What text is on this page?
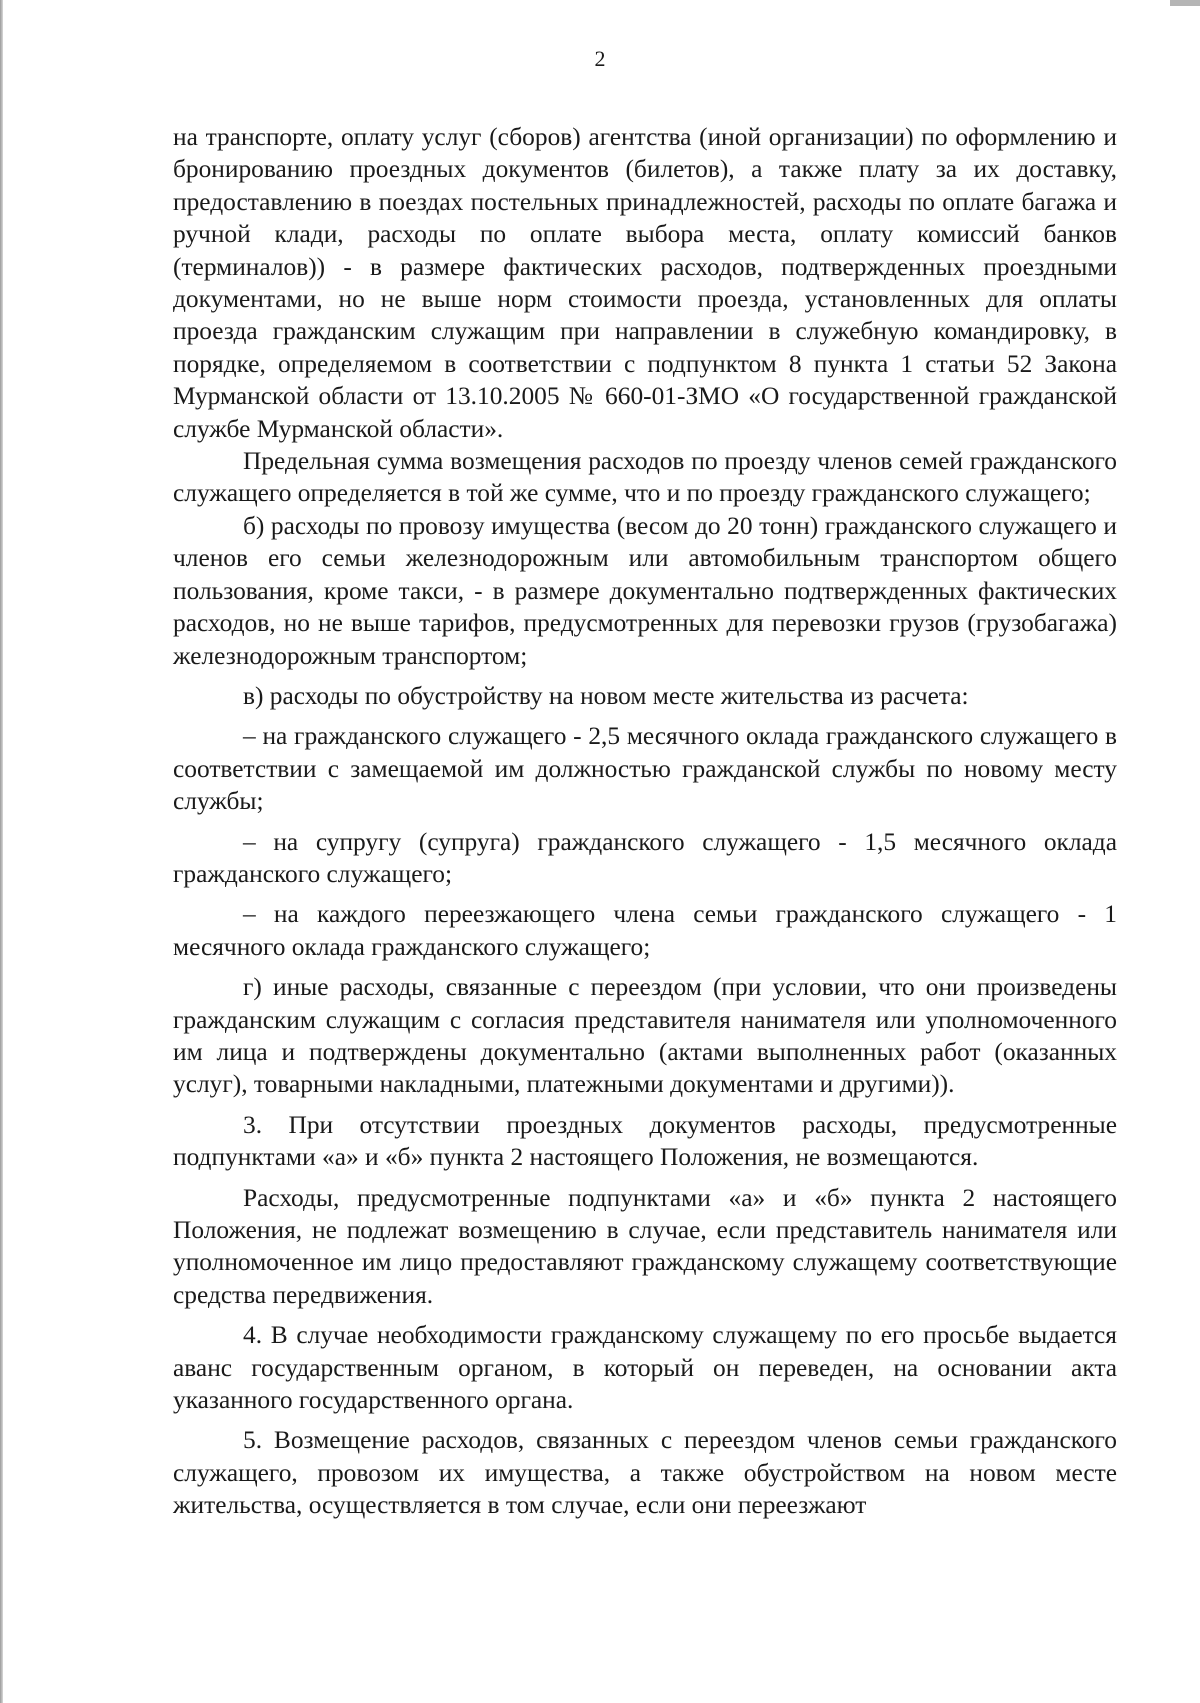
2

на транспорте, оплату услуг (сборов) агентства (иной организации) по оформлению и бронированию проездных документов (билетов), а также плату за их доставку, предоставлению в поездах постельных принадлежностей, расходы по оплате багажа и ручной клади, расходы по оплате выбора места, оплату комиссий банков (терминалов)) - в размере фактических расходов, подтвержденных проездными документами, но не выше норм стоимости проезда, установленных для оплаты проезда гражданским служащим при направлении в служебную командировку, в порядке, определяемом в соответствии с подпунктом 8 пункта 1 статьи 52 Закона Мурманской области от 13.10.2005 № 660-01-ЗМО «О государственной гражданской службе Мурманской области».

Предельная сумма возмещения расходов по проезду членов семей гражданского служащего определяется в той же сумме, что и по проезду гражданского служащего;

б) расходы по провозу имущества (весом до 20 тонн) гражданского служащего и членов его семьи железнодорожным или автомобильным транспортом общего пользования, кроме такси, - в размере документально подтвержденных фактических расходов, но не выше тарифов, предусмотренных для перевозки грузов (грузобагажа) железнодорожным транспортом;

в) расходы по обустройству на новом месте жительства из расчета:

– на гражданского служащего - 2,5 месячного оклада гражданского служащего в соответствии с замещаемой им должностью гражданской службы по новому месту службы;

– на супругу (супруга) гражданского служащего - 1,5 месячного оклада гражданского служащего;

– на каждого переезжающего члена семьи гражданского служащего - 1 месячного оклада гражданского служащего;

г) иные расходы, связанные с переездом (при условии, что они произведены гражданским служащим с согласия представителя нанимателя или уполномоченного им лица и подтверждены документально (актами выполненных работ (оказанных услуг), товарными накладными, платежными документами и другими)).

3. При отсутствии проездных документов расходы, предусмотренные подпунктами «а» и «б» пункта 2 настоящего Положения, не возмещаются.

Расходы, предусмотренные подпунктами «а» и «б» пункта 2 настоящего Положения, не подлежат возмещению в случае, если представитель нанимателя или уполномоченное им лицо предоставляют гражданскому служащему соответствующие средства передвижения.

4. В случае необходимости гражданскому служащему по его просьбе выдается аванс государственным органом, в который он переведен, на основании акта указанного государственного органа.

5. Возмещение расходов, связанных с переездом членов семьи гражданского служащего, провозом их имущества, а также обустройством на новом месте жительства, осуществляется в том случае, если они переезжают
